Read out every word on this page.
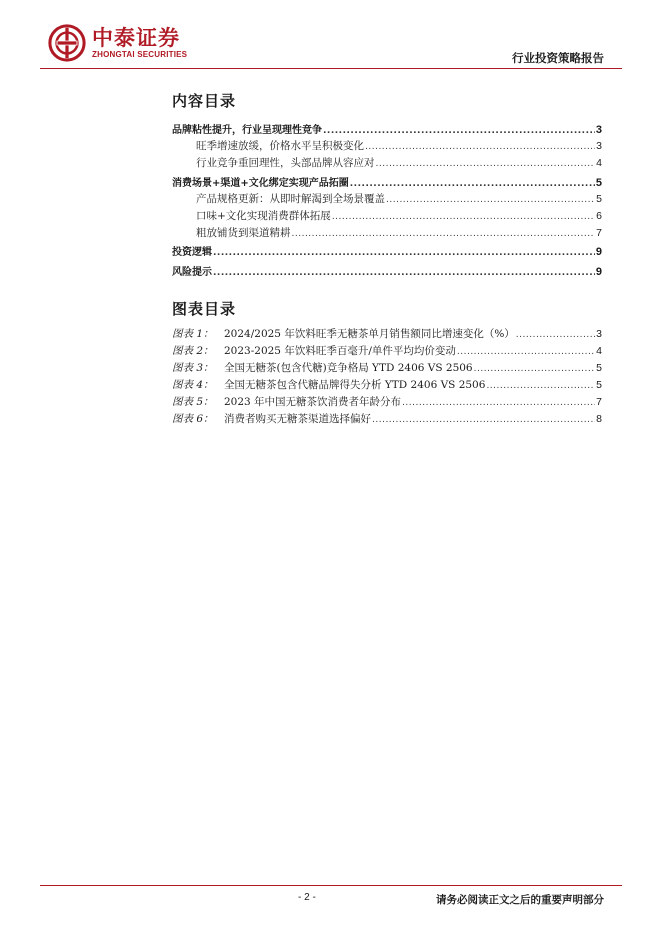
中泰证券
ZHONGTAI SECURITIES	行业投资策略报告
内容目录
品牌粘性提升，行业呈现理性竞争 .....	3
旺季增速放缓，价格水平呈积极变化 .....	3
行业竞争重回理性，头部品牌从容应对 .....	4
消费场景+渠道+文化绑定实现产品拓圈 .....	5
产品规格更新：从即时解渴到全场景覆盖 .....	5
口味+文化实现消费群体拓展 .....	6
粗放铺货到渠道精耕 .....	7
投资逻辑 .....	9
风险提示 .....	9
图表目录
图表 1： 2024/2025 年饮料旺季无糖茶单月销售额同比增速变化（%） .....	3
图表 2： 2023-2025 年饮料旺季百毫升/单件平均均价变动 .....	4
图表 3： 全国无糖茶(包含代糖)竞争格局 YTD 2406 VS 2506 .....	5
图表 4： 全国无糖茶包含代糖品牌得失分析 YTD 2406 VS 2506 .....	5
图表 5： 2023 年中国无糖茶饮消费者年龄分布 .....	7
图表 6： 消费者购买无糖茶渠道选择偏好 .....	8
- 2 -	请务必阅读正文之后的重要声明部分
